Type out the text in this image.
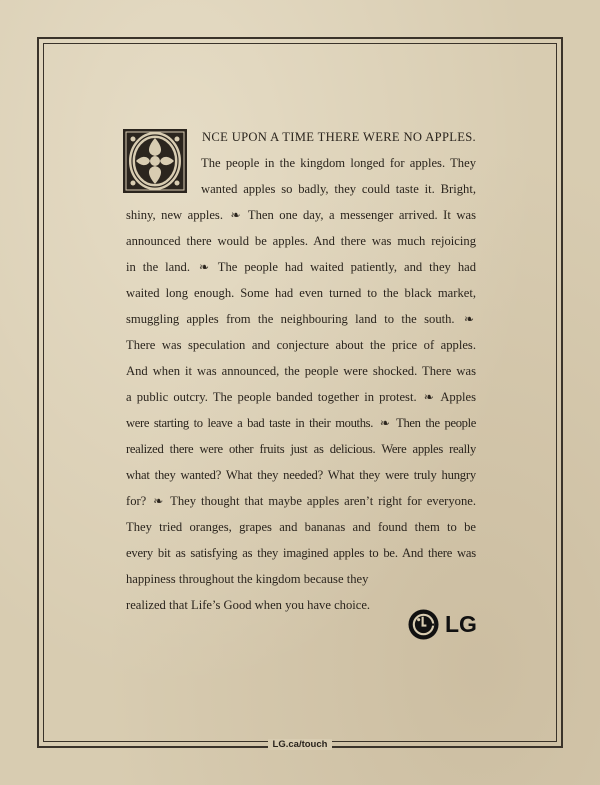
NCE UPON A TIME THERE WERE NO APPLES.
The people in the kingdom longed for apples. They
wanted apples so badly, they could taste it. Bright,
shiny, new apples. ❧ Then one day, a messenger arrived. It was
announced there would be apples. And there was much rejoicing
in the land. ❧ The people had waited patiently, and they had
waited long enough. Some had even turned to the black market,
smuggling apples from the neighbouring land to the south. ❧
There was speculation and conjecture about the price of apples.
And when it was announced, the people were shocked. There was
a public outcry. The people banded together in protest. ❧ Apples
were starting to leave a bad taste in their mouths. ❧ Then the people
realized there were other fruits just as delicious. Were apples really
what they wanted? What they needed? What they were truly hungry
for? ❧ They thought that maybe apples aren’t right for everyone.
They tried oranges, grapes and bananas and found them to be
every bit as satisfying as they imagined apples to be. And there was
happiness throughout the kingdom because they
realized that Life’s Good when you have choice.
LG
LG.ca/touch
